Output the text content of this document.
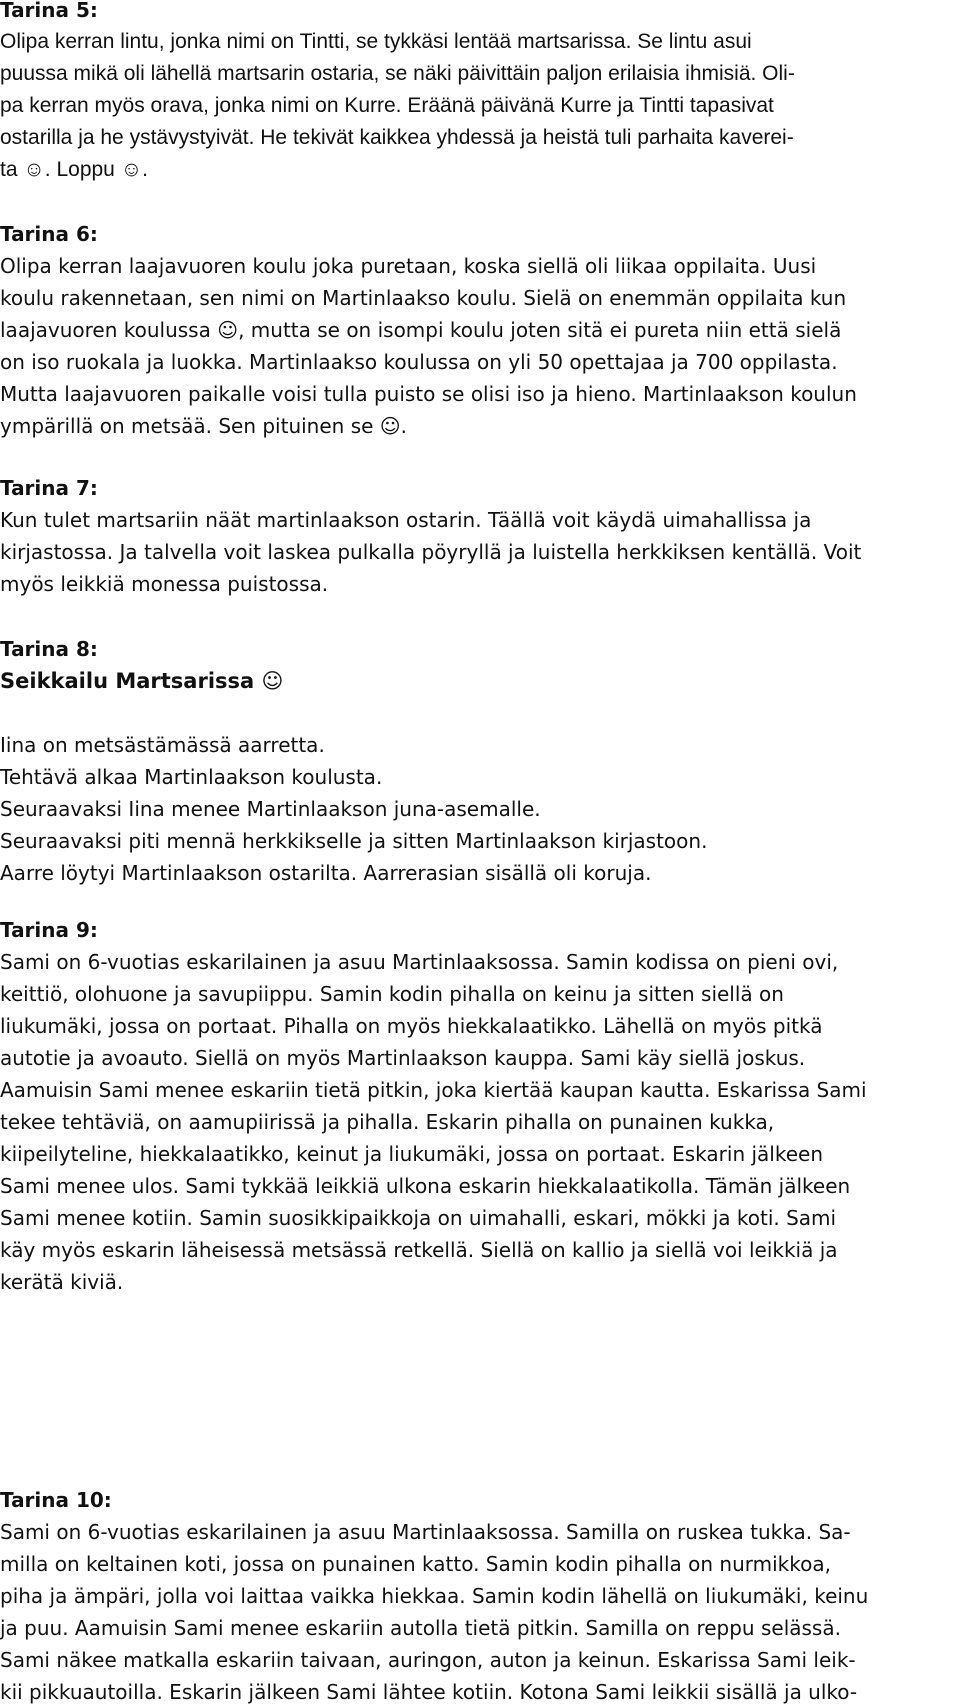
Tarina 5:
Olipa kerran lintu, jonka nimi on Tintti, se tykkäsi lentää martsarissa. Se lintu asui
puussa mikä oli lähellä martsarin ostaria, se näki päivittäin paljon erilaisia ihmisiä. Oli-
pa kerran myös orava, jonka nimi on Kurre. Eräänä päivänä Kurre ja Tintti tapasivat
ostarilla ja he ystävystyivät. He tekivät kaikkea yhdessä ja heistä tuli parhaita kaverei-
ta ☺. Loppu ☺.
Tarina 6:
Olipa kerran laajavuoren koulu joka puretaan, koska siellä oli liikaa oppilaita. Uusi
koulu rakennetaan, sen nimi on Martinlaakso koulu. Sielä on enemmän oppilaita kun
laajavuoren koulussa ☺, mutta se on isompi koulu joten sitä ei pureta niin että sielä
on iso ruokala ja luokka. Martinlaakso koulussa on yli 50 opettajaa ja 700 oppilasta.
Mutta laajavuoren paikalle voisi tulla puisto se olisi iso ja hieno. Martinlaakson koulun
ympärillä on metsää. Sen pituinen se ☺.
Tarina 7:
Kun tulet martsariin näät martinlaakson ostarin. Täällä voit käydä uimahallissa ja
kirjastossa. Ja talvella voit laskea pulkalla pöyryllä ja luistella herkkiksen kentällä. Voit
myös leikkiä monessa puistossa.
Tarina 8:
Seikkailu Martsarissa ☺
Iina on metsästämässä aarretta.
Tehtävä alkaa Martinlaakson koulusta.
Seuraavaksi Iina menee Martinlaakson juna-asemalle.
Seuraavaksi piti mennä herkkikselle ja sitten Martinlaakson kirjastoon.
Aarre löytyi Martinlaakson ostarilta. Aarrerasian sisällä oli koruja.
Tarina 9:
Sami on 6-vuotias eskarilainen ja asuu Martinlaaksossa. Samin kodissa on pieni ovi,
keittiö, olohuone ja savupiippu. Samin kodin pihalla on keinu ja sitten siellä on
liukumäki, jossa on portaat. Pihalla on myös hiekkalaatikko. Lähellä on myös pitkä
autotie ja avoauto. Siellä on myös Martinlaakson kauppa. Sami käy siellä joskus.
Aamuisin Sami menee eskariin tietä pitkin, joka kiertää kaupan kautta. Eskarissa Sami
tekee tehtäviä, on aamupiirissä ja pihalla. Eskarin pihalla on punainen kukka,
kiipeilyteline, hiekkalaatikko, keinut ja liukumäki, jossa on portaat. Eskarin jälkeen
Sami menee ulos. Sami tykkää leikkiä ulkona eskarin hiekkalaatikolla. Tämän jälkeen
Sami menee kotiin. Samin suosikkipaikkoja on uimahalli, eskari, mökki ja koti. Sami
käy myös eskarin läheisessä metsässä retkellä. Siellä on kallio ja siellä voi leikkiä ja
kerätä kiviä.
Tarina 10:
Sami on 6-vuotias eskarilainen ja asuu Martinlaaksossa. Samilla on ruskea tukka. Sa-
milla on keltainen koti, jossa on punainen katto. Samin kodin pihalla on nurmikkoa,
piha ja ämpäri, jolla voi laittaa vaikka hiekkaa. Samin kodin lähellä on liukumäki, keinu
ja puu. Aamuisin Sami menee eskariin autolla tietä pitkin. Samilla on reppu selässä.
Sami näkee matkalla eskariin taivaan, auringon, auton ja keinun. Eskarissa Sami leik-
kii pikkuautoilla. Eskarin jälkeen Sami lähtee kotiin. Kotona Sami leikkii sisällä ja ulko-
